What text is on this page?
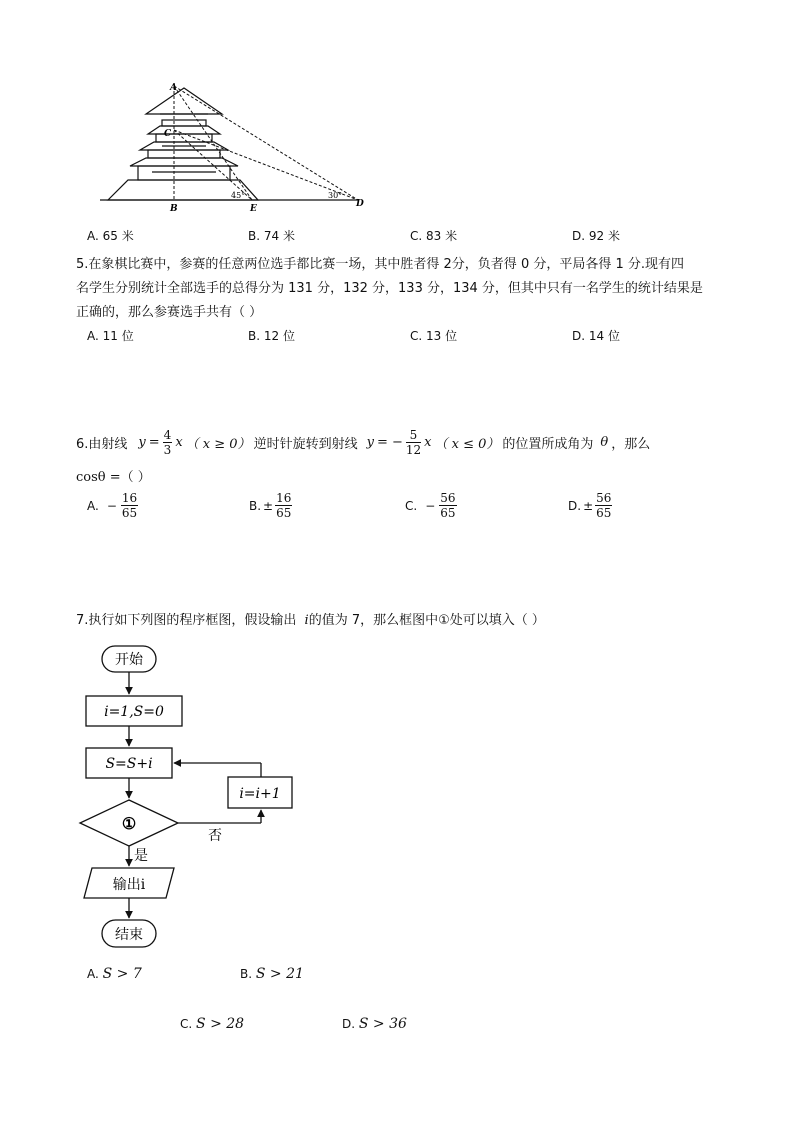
A
C
B	E	D
45°	30°
A. 65 米	B. 74 米	C. 83 米	D. 92 米
5.在象棋比赛中，参赛的任意两位选手都比赛一场，其中胜者得 2分，负者得 0 分，平局各得 1 分.现有四
名学生分别统计全部选手的总得分为 131 分，132 分，133 分，134 分，但其中只有一名学生的统计结果是
正确的，那么参赛选手共有（ ）
A. 11 位	B. 12 位	C. 13 位	D. 14 位
6.由射线 $y = \frac{4}{3}$ x （ x ≥ 0） 逆时针旋转到射线 y = − $\frac{5}{12}$ x （ x ≤ 0） 的位置所成角为 θ ，那么
cosθ =（ ）
A. − $\frac{16}{65}$	B. ± $\frac{16}{65}$	C. − $\frac{56}{65}$	D. ± $\frac{56}{65}$
7.执行如下列图的程序框图，假设输出 i的值为 7，那么框图中①处可以填入（ ）
开始
i=1,S=0
S=S+i
①
i=i+1
否
是
输出i
结束
A. S > 7	B. S > 21
C. S > 28	D. S > 36
